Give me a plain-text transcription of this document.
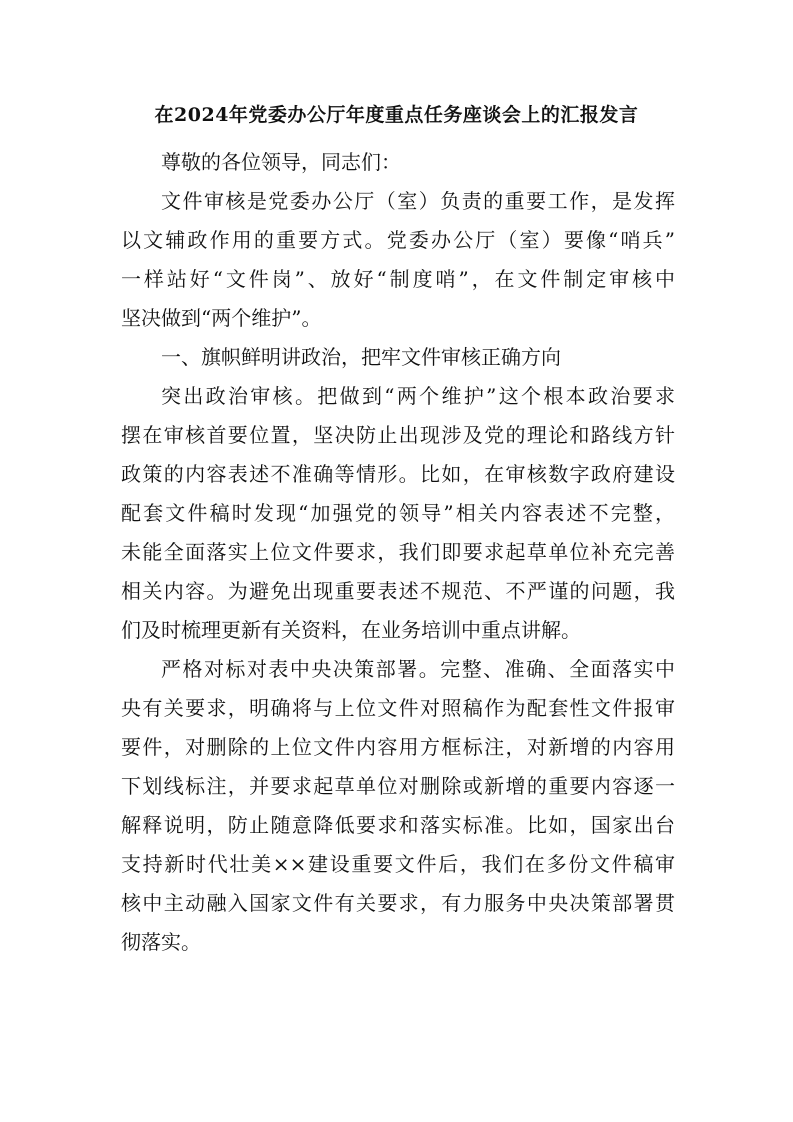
在2024年党委办公厅年度重点任务座谈会上的汇报发言
尊敬的各位领导，同志们：
文件审核是党委办公厅（室）负责的重要工作，是发挥
以文辅政作用的重要方式。党委办公厅（室）要像“哨兵”
一样站好“文件岗”、放好“制度哨”，在文件制定审核中
坚决做到“两个维护”。
一、旗帜鲜明讲政治，把牢文件审核正确方向
突出政治审核。把做到“两个维护”这个根本政治要求
摆在审核首要位置，坚决防止出现涉及党的理论和路线方针
政策的内容表述不准确等情形。比如，在审核数字政府建设
配套文件稿时发现“加强党的领导”相关内容表述不完整，
未能全面落实上位文件要求，我们即要求起草单位补充完善
相关内容。为避免出现重要表述不规范、不严谨的问题，我
们及时梳理更新有关资料，在业务培训中重点讲解。
严格对标对表中央决策部署。完整、准确、全面落实中
央有关要求，明确将与上位文件对照稿作为配套性文件报审
要件，对删除的上位文件内容用方框标注，对新增的内容用
下划线标注，并要求起草单位对删除或新增的重要内容逐一
解释说明，防止随意降低要求和落实标准。比如，国家出台
支持新时代壮美××建设重要文件后，我们在多份文件稿审
核中主动融入国家文件有关要求，有力服务中央决策部署贯
彻落实。
